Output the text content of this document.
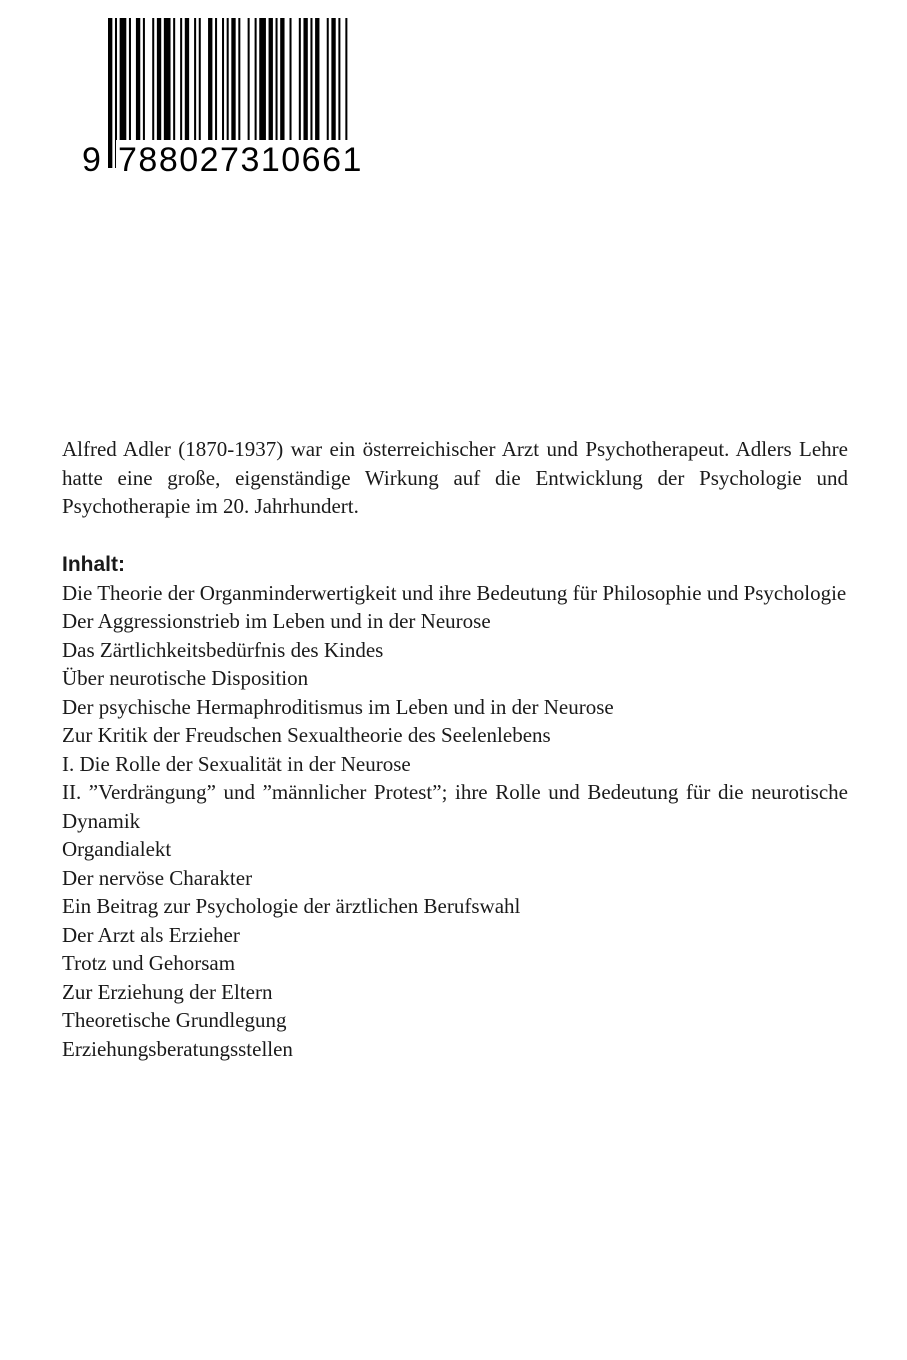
9 788027310661

Alfred Adler (1870-1937) war ein österreichischer Arzt und Psychotherapeut. Adlers Lehre hatte eine große, eigenständige Wirkung auf die Entwicklung der Psychologie und Psychotherapie im 20. Jahrhundert.

Inhalt:
Die Theorie der Organminderwertigkeit und ihre Bedeutung für Philosophie und Psychologie
Der Aggressionstrieb im Leben und in der Neurose
Das Zärtlichkeitsbedürfnis des Kindes
Über neurotische Disposition
Der psychische Hermaphroditismus im Leben und in der Neurose
Zur Kritik der Freudschen Sexualtheorie des Seelenlebens
I. Die Rolle der Sexualität in der Neurose
II. ”Verdrängung” und ”männlicher Protest”; ihre Rolle und Bedeutung für die neurotische Dynamik
Organdialekt
Der nervöse Charakter
Ein Beitrag zur Psychologie der ärztlichen Berufswahl
Der Arzt als Erzieher
Trotz und Gehorsam
Zur Erziehung der Eltern
Theoretische Grundlegung
Erziehungsberatungsstellen
